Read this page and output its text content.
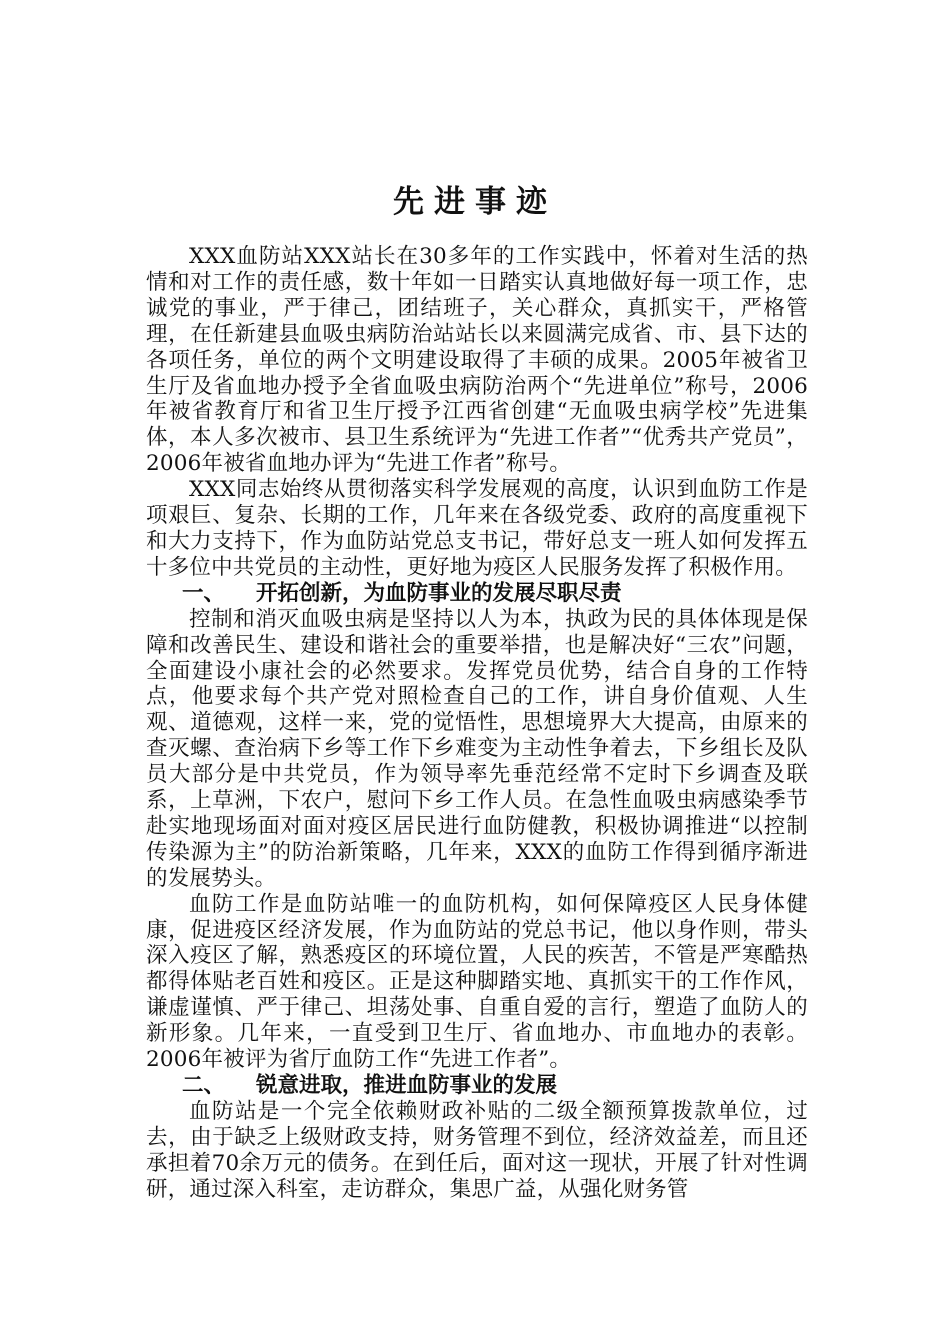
先进事迹

XXX血防站XXX站长在30多年的工作实践中，怀着对生活的热情和对工作的责任感，数十年如一日踏实认真地做好每一项工作，忠诚党的事业，严于律己，团结班子，关心群众，真抓实干，严格管理，在任新建县血吸虫病防治站站长以来圆满完成省、市、县下达的各项任务，单位的两个文明建设取得了丰硕的成果。2005年被省卫生厅及省血地办授予全省血吸虫病防治两个“先进单位”称号，2006年被省教育厅和省卫生厅授予江西省创建“无血吸虫病学校”先进集体，本人多次被市、县卫生系统评为“先进工作者”“优秀共产党员”，2006年被省血地办评为“先进工作者”称号。

XXX同志始终从贯彻落实科学发展观的高度，认识到血防工作是项艰巨、复杂、长期的工作，几年来在各级党委、政府的高度重视下和大力支持下，作为血防站党总支书记，带好总支一班人如何发挥五十多位中共党员的主动性，更好地为疫区人民服务发挥了积极作用。

一、 开拓创新，为血防事业的发展尽职尽责

控制和消灭血吸虫病是坚持以人为本，执政为民的具体体现是保障和改善民生、建设和谐社会的重要举措，也是解决好“三农”问题，全面建设小康社会的必然要求。发挥党员优势，结合自身的工作特点，他要求每个共产党对照检查自己的工作，讲自身价值观、人生观、道德观，这样一来，党的觉悟性，思想境界大大提高，由原来的查灭螺、查治病下乡等工作下乡难变为主动性争着去，下乡组长及队员大部分是中共党员，作为领导率先垂范经常不定时下乡调查及联系，上草洲，下农户，慰问下乡工作人员。在急性血吸虫病感染季节赴实地现场面对面对疫区居民进行血防健教，积极协调推进“以控制传染源为主”的防治新策略，几年来，XXX的血防工作得到循序渐进的发展势头。

血防工作是血防站唯一的血防机构，如何保障疫区人民身体健康，促进疫区经济发展，作为血防站的党总书记，他以身作则，带头深入疫区了解，熟悉疫区的环境位置，人民的疾苦，不管是严寒酷热都得体贴老百姓和疫区。正是这种脚踏实地、真抓实干的工作作风，谦虚谨慎、严于律己、坦荡处事、自重自爱的言行，塑造了血防人的新形象。几年来，一直受到卫生厅、省血地办、市血地办的表彰。2006年被评为省厅血防工作“先进工作者”。

二、 锐意进取，推进血防事业的发展

血防站是一个完全依赖财政补贴的二级全额预算拨款单位，过去，由于缺乏上级财政支持，财务管理不到位，经济效益差，而且还承担着70余万元的债务。在到任后，面对这一现状，开展了针对性调研，通过深入科室，走访群众，集思广益，从强化财务管
